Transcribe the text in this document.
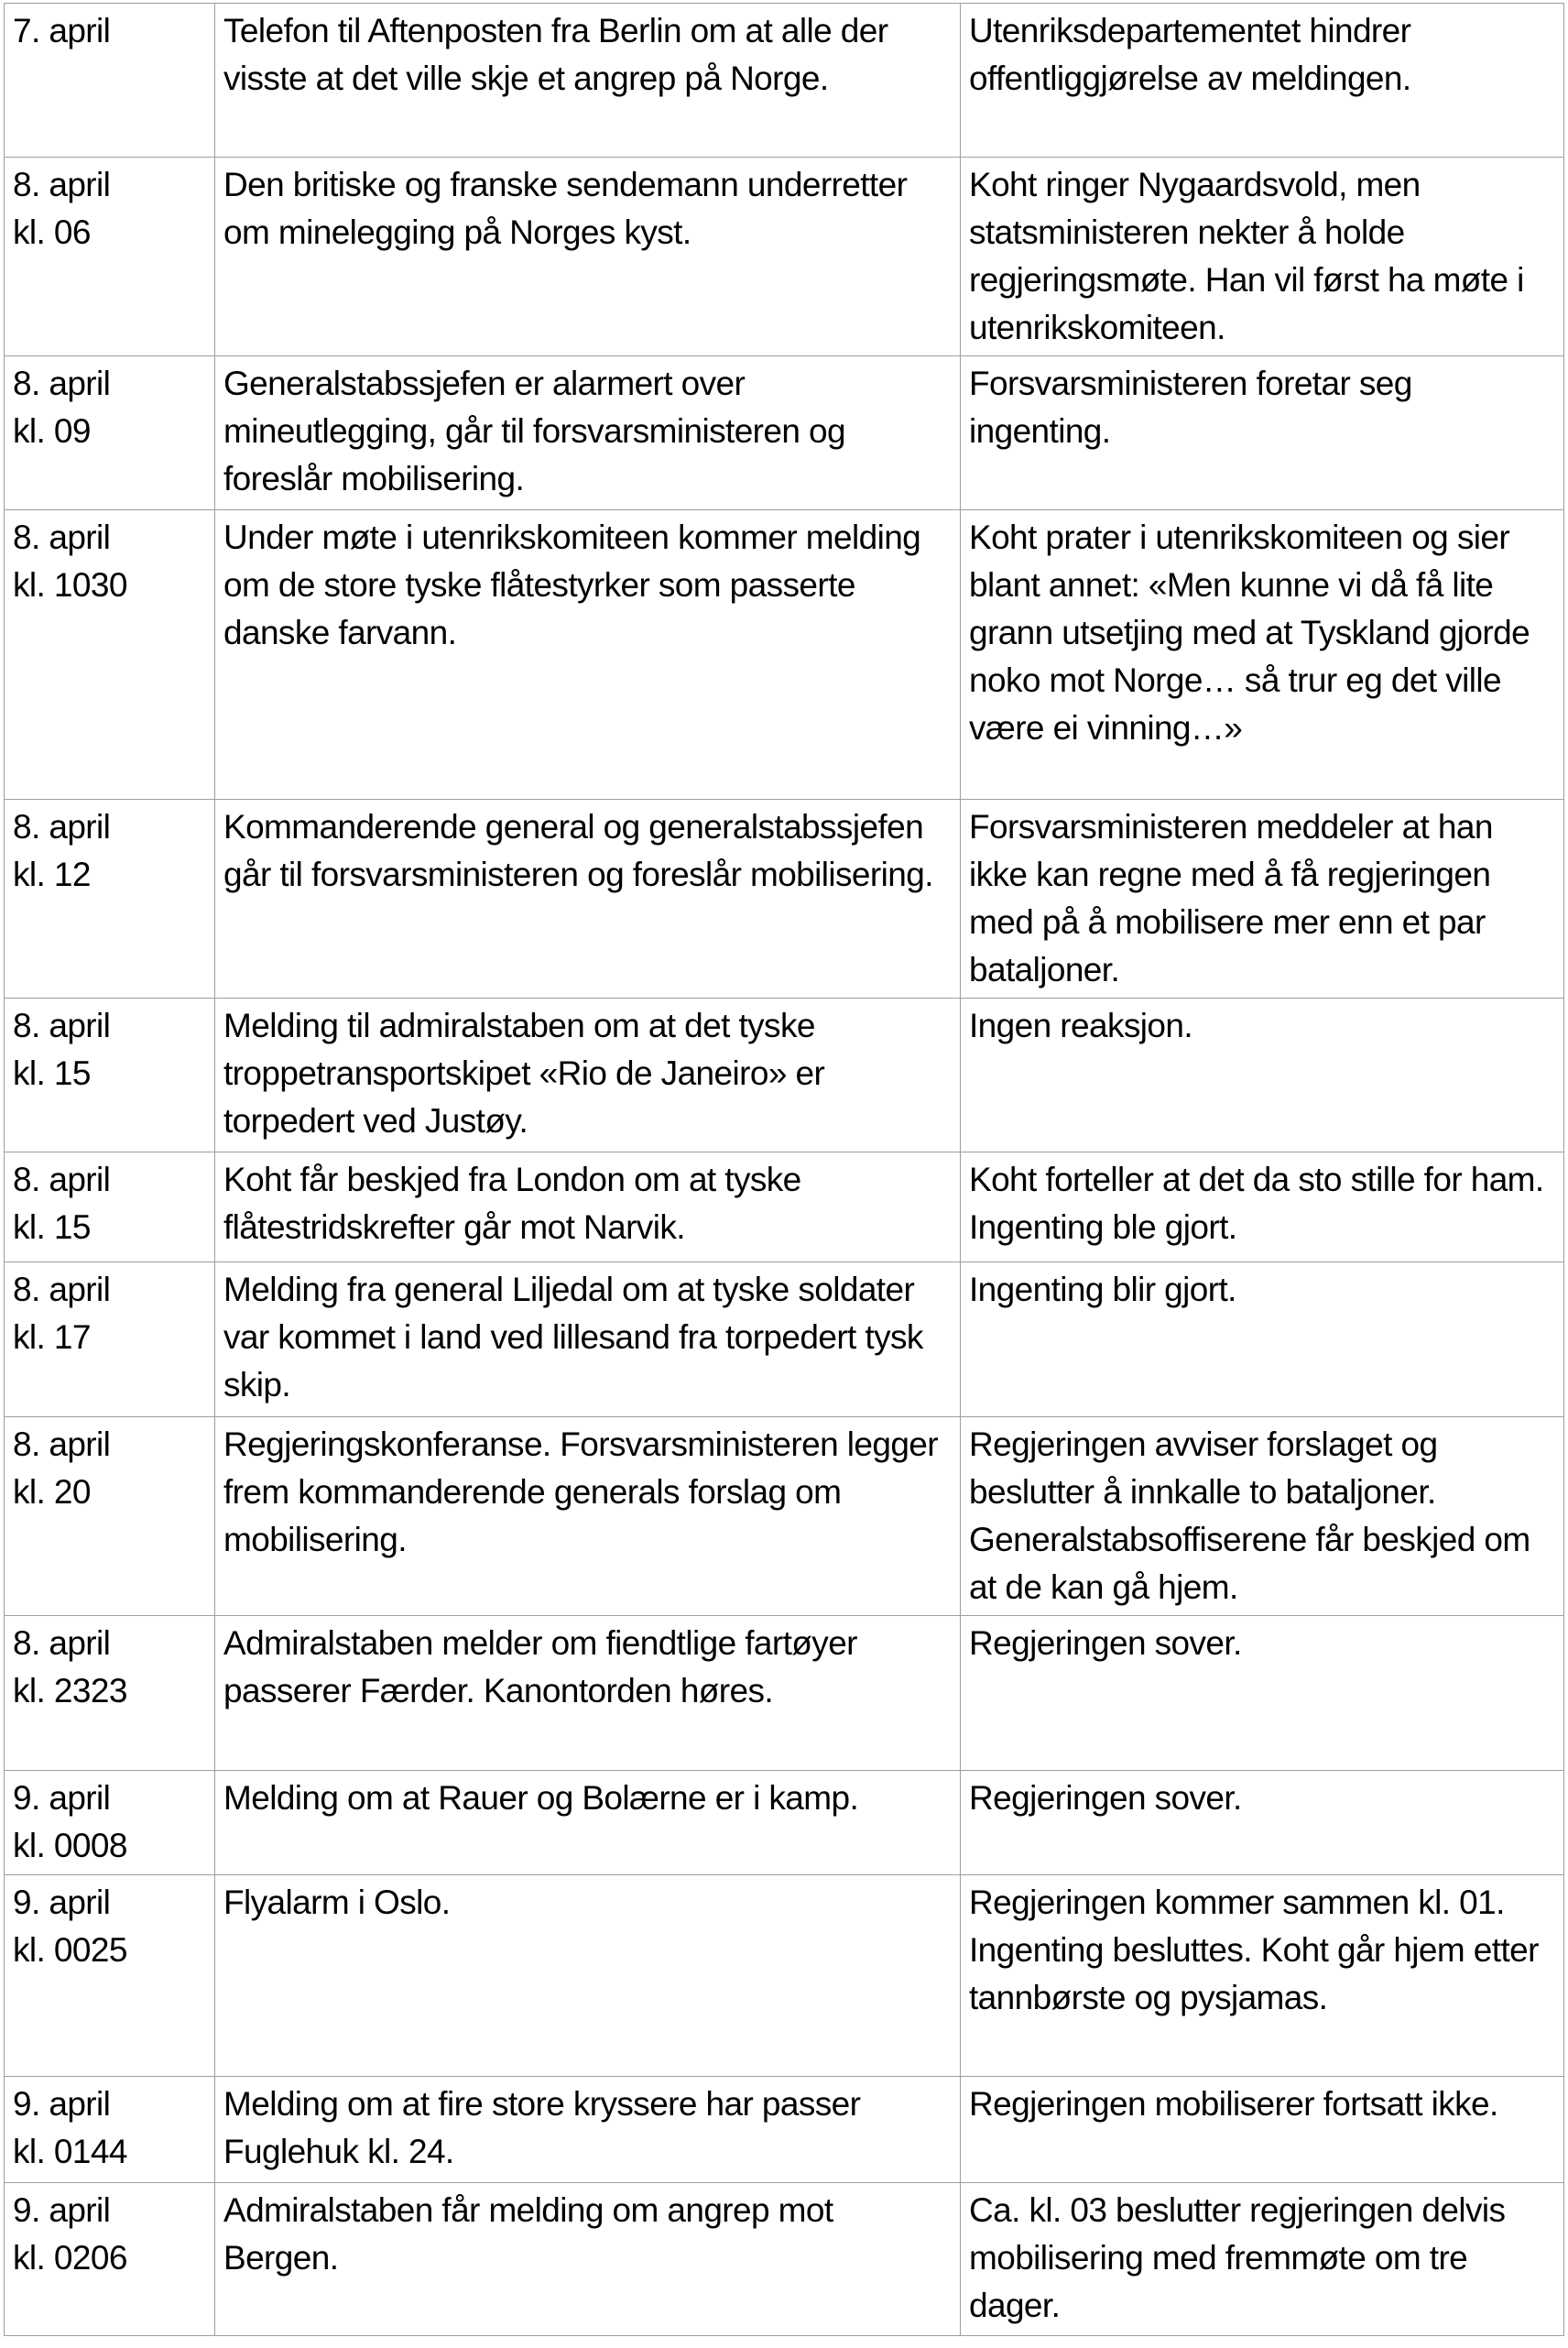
7. april	Telefon til Aftenposten fra Berlin om at alle der visste at det ville skje et angrep på Norge.	Utenriksdepartementet hindrer offentliggjørelse av meldingen.

8. april
kl. 06	Den britiske og franske sendemann underretter om minelegging på Norges kyst.	Koht ringer Nygaardsvold, men statsministeren nekter å holde regjeringsmøte. Han vil først ha møte i utenrikskomiteen.

8. april
kl. 09	Generalstabssjefen er alarmert over mineutlegging, går til forsvarsministeren og foreslår mobilisering.	Forsvarsministeren foretar seg ingenting.

8. april
kl. 1030	Under møte i utenrikskomiteen kommer melding om de store tyske flåtestyrker som passerte danske farvann.	Koht prater i utenrikskomiteen og sier blant annet: «Men kunne vi då få lite grann utsetjing med at Tyskland gjorde noko mot Norge… så trur eg det ville være ei vinning…»

8. april
kl. 12	Kommanderende general og generalstabssjefen går til forsvarsministeren og foreslår mobilisering.	Forsvarsministeren meddeler at han ikke kan regne med å få regjeringen med på å mobilisere mer enn et par bataljoner.

8. april
kl. 15	Melding til admiralstaben om at det tyske troppetransportskipet «Rio de Janeiro» er torpedert ved Justøy.	Ingen reaksjon.

8. april
kl. 15	Koht får beskjed fra London om at tyske flåtestridskrefter går mot Narvik.	Koht forteller at det da sto stille for ham. Ingenting ble gjort.

8. april
kl. 17	Melding fra general Liljedal om at tyske soldater var kommet i land ved lillesand fra torpedert tysk skip.	Ingenting blir gjort.

8. april
kl. 20	Regjeringskonferanse. Forsvarsministeren legger frem kommanderende generals forslag om mobilisering.	Regjeringen avviser forslaget og beslutter å innkalle to bataljoner. Generalstabsoffiserene får beskjed om at de kan gå hjem.

8. april
kl. 2323	Admiralstaben melder om fiendtlige fartøyer passerer Færder. Kanontorden høres.	Regjeringen sover.

9. april
kl. 0008	Melding om at Rauer og Bolærne er i kamp.	Regjeringen sover.

9. april
kl. 0025	Flyalarm i Oslo.	Regjeringen kommer sammen kl. 01. Ingenting besluttes. Koht går hjem etter tannbørste og pysjamas.

9. april
kl. 0144	Melding om at fire store kryssere har passer Fuglehuk kl. 24.	Regjeringen mobiliserer fortsatt ikke.

9. april
kl. 0206	Admiralstaben får melding om angrep mot Bergen.	Ca. kl. 03 beslutter regjeringen delvis mobilisering med fremmøte om tre dager.
